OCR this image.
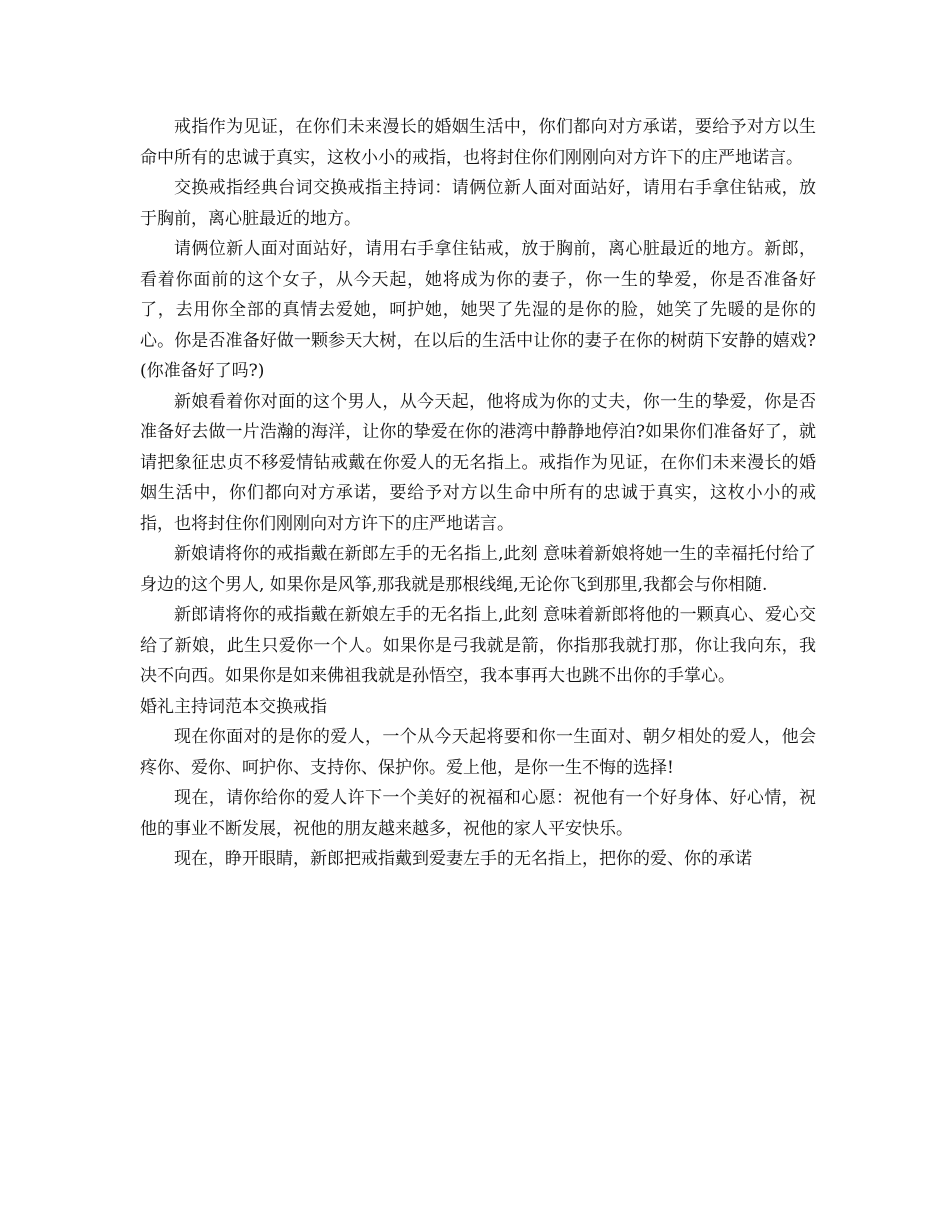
戒指作为见证，在你们未来漫长的婚姻生活中，你们都向对方承诺，要给予对方以生命中所有的忠诚于真实，这枚小小的戒指，也将封住你们刚刚向对方许下的庄严地诺言。

交换戒指经典台词交换戒指主持词：请俩位新人面对面站好，请用右手拿住钻戒，放于胸前，离心脏最近的地方。

请俩位新人面对面站好，请用右手拿住钻戒，放于胸前，离心脏最近的地方。新郎，看着你面前的这个女子，从今天起，她将成为你的妻子，你一生的挚爱，你是否准备好了，去用你全部的真情去爱她，呵护她，她哭了先湿的是你的脸，她笑了先暖的是你的心。你是否准备好做一颗参天大树，在以后的生活中让你的妻子在你的树荫下安静的嬉戏?(你准备好了吗?)

新娘看着你对面的这个男人，从今天起，他将成为你的丈夫，你一生的挚爱，你是否准备好去做一片浩瀚的海洋，让你的挚爱在你的港湾中静静地停泊?如果你们准备好了，就请把象征忠贞不移爱情钻戒戴在你爱人的无名指上。戒指作为见证，在你们未来漫长的婚姻生活中，你们都向对方承诺，要给予对方以生命中所有的忠诚于真实，这枚小小的戒指，也将封住你们刚刚向对方许下的庄严地诺言。

新娘请将你的戒指戴在新郎左手的无名指上,此刻 意味着新娘将她一生的幸福托付给了身边的这个男人, 如果你是风筝,那我就是那根线绳,无论你飞到那里,我都会与你相随.

新郎请将你的戒指戴在新娘左手的无名指上,此刻 意味着新郎将他的一颗真心、爱心交给了新娘，此生只爱你一个人。如果你是弓我就是箭，你指那我就打那，你让我向东，我决不向西。如果你是如来佛祖我就是孙悟空，我本事再大也跳不出你的手掌心。

婚礼主持词范本交换戒指

现在你面对的是你的爱人，一个从今天起将要和你一生面对、朝夕相处的爱人，他会疼你、爱你、呵护你、支持你、保护你。爱上他，是你一生不悔的选择!

现在，请你给你的爱人许下一个美好的祝福和心愿：祝他有一个好身体、好心情，祝他的事业不断发展，祝他的朋友越来越多，祝他的家人平安快乐。

现在，睁开眼睛，新郎把戒指戴到爱妻左手的无名指上，把你的爱、你的承诺
